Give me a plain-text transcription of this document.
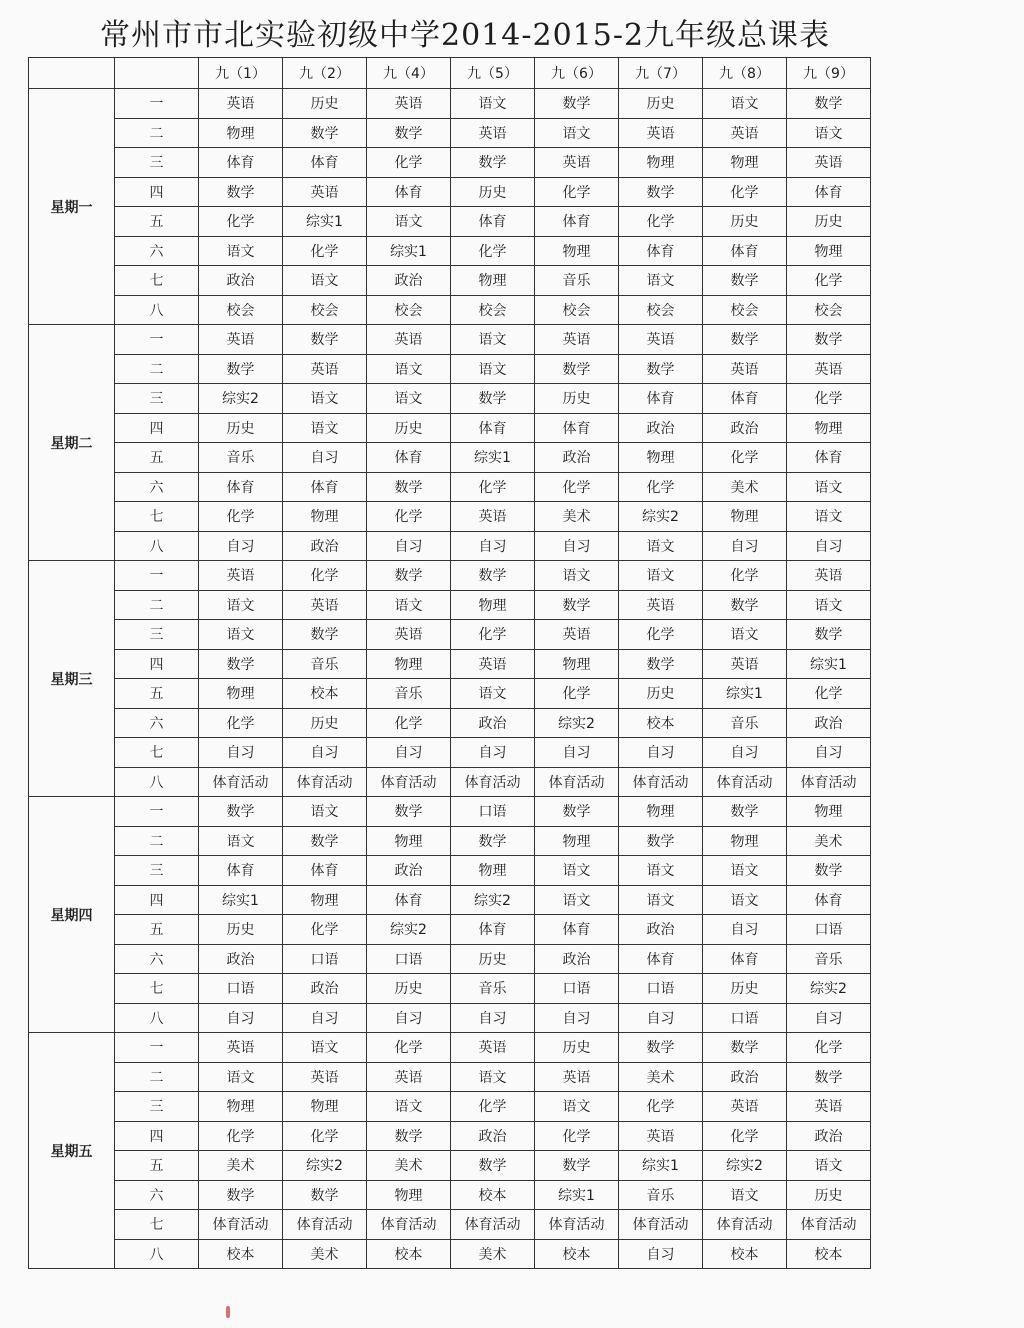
常州市市北实验初级中学2014-2015-2九年级总课表
		九（1）	九（2）	九（4）	九（5）	九（6）	九（7）	九（8）	九（9）
星期一	一	英语	历史	英语	语文	数学	历史	语文	数学
	二	物理	数学	数学	英语	语文	英语	英语	语文
	三	体育	体育	化学	数学	英语	物理	物理	英语
	四	数学	英语	体育	历史	化学	数学	化学	体育
	五	化学	综实1	语文	体育	体育	化学	历史	历史
	六	语文	化学	综实1	化学	物理	体育	体育	物理
	七	政治	语文	政治	物理	音乐	语文	数学	化学
	八	校会	校会	校会	校会	校会	校会	校会	校会
星期二	一	英语	数学	英语	语文	英语	英语	数学	数学
	二	数学	英语	语文	语文	数学	数学	英语	英语
	三	综实2	语文	语文	数学	历史	体育	体育	化学
	四	历史	语文	历史	体育	体育	政治	政治	物理
	五	音乐	自习	体育	综实1	政治	物理	化学	体育
	六	体育	体育	数学	化学	化学	化学	美术	语文
	七	化学	物理	化学	英语	美术	综实2	物理	语文
	八	自习	政治	自习	自习	自习	语文	自习	自习
星期三	一	英语	化学	数学	数学	语文	语文	化学	英语
	二	语文	英语	语文	物理	数学	英语	数学	语文
	三	语文	数学	英语	化学	英语	化学	语文	数学
	四	数学	音乐	物理	英语	物理	数学	英语	综实1
	五	物理	校本	音乐	语文	化学	历史	综实1	化学
	六	化学	历史	化学	政治	综实2	校本	音乐	政治
	七	自习	自习	自习	自习	自习	自习	自习	自习
	八	体育活动	体育活动	体育活动	体育活动	体育活动	体育活动	体育活动	体育活动
星期四	一	数学	语文	数学	口语	数学	物理	数学	物理
	二	语文	数学	物理	数学	物理	数学	物理	美术
	三	体育	体育	政治	物理	语文	语文	语文	数学
	四	综实1	物理	体育	综实2	语文	语文	语文	体育
	五	历史	化学	综实2	体育	体育	政治	自习	口语
	六	政治	口语	口语	历史	政治	体育	体育	音乐
	七	口语	政治	历史	音乐	口语	口语	历史	综实2
	八	自习	自习	自习	自习	自习	自习	口语	自习
星期五	一	英语	语文	化学	英语	历史	数学	数学	化学
	二	语文	英语	英语	语文	英语	美术	政治	数学
	三	物理	物理	语文	化学	语文	化学	英语	英语
	四	化学	化学	数学	政治	化学	英语	化学	政治
	五	美术	综实2	美术	数学	数学	综实1	综实2	语文
	六	数学	数学	物理	校本	综实1	音乐	语文	历史
	七	体育活动	体育活动	体育活动	体育活动	体育活动	体育活动	体育活动	体育活动
	八	校本	美术	校本	美术	校本	自习	校本	校本
